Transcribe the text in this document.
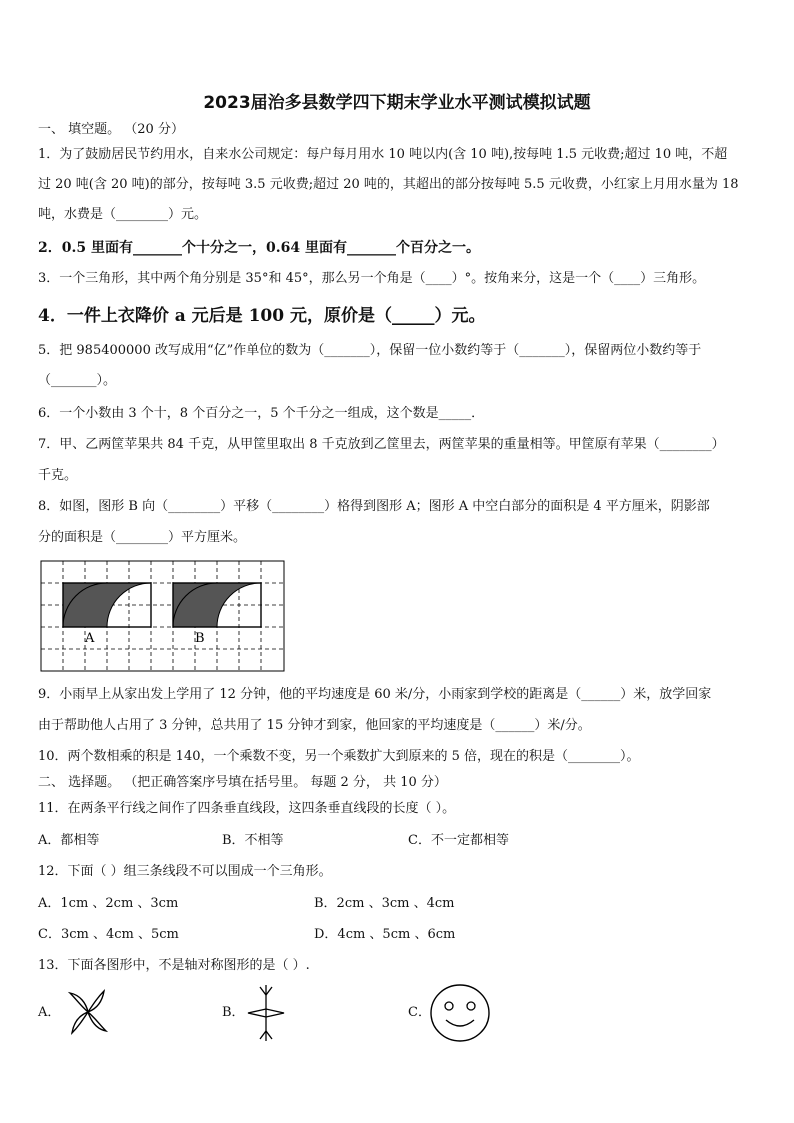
2023届治多县数学四下期末学业水平测试模拟试题
一、 填空题。 （20 分）
1．为了鼓励居民节约用水，自来水公司规定：每户每月用水 10 吨以内(含 10 吨),按每吨 1.5 元收费;超过 10 吨，不超
过 20 吨(含 20 吨)的部分，按每吨 3.5 元收费;超过 20 吨的，其超出的部分按每吨 5.5 元收费，小红家上月用水量为 18
吨，水费是（________）元。
2．0.5 里面有_______个十分之一，0.64 里面有_______个百分之一。
3．一个三角形，其中两个角分别是 35°和 45°，那么另一个角是（____）°。按角来分，这是一个（____）三角形。
4．一件上衣降价 a 元后是 100 元，原价是（_____）元。
5．把 985400000 改写成用“亿”作单位的数为（_______），保留一位小数约等于（_______），保留两位小数约等于
（_______）。
6．一个小数由 3 个十，8 个百分之一，5 个千分之一组成，这个数是_____．
7．甲、乙两筐苹果共 84 千克，从甲筐里取出 8 千克放到乙筐里去，两筐苹果的重量相等。甲筐原有苹果（________）
千克。
8．如图，图形 B 向（________）平移（________）格得到图形 A；图形 A 中空白部分的面积是 4 平方厘米，阴影部
分的面积是（________）平方厘米。
A	B
9．小雨早上从家出发上学用了 12 分钟，他的平均速度是 60 米/分，小雨家到学校的距离是（______）米，放学回家
由于帮助他人占用了 3 分钟，总共用了 15 分钟才到家，他回家的平均速度是（______）米/分。
10．两个数相乘的积是 140，一个乘数不变，另一个乘数扩大到原来的 5 倍，现在的积是（________）。
二、 选择题。 （把正确答案序号填在括号里。 每题 2 分， 共 10 分）
11．在两条平行线之间作了四条垂直线段，这四条垂直线段的长度（ ）。
A．都相等	B．不相等	C．不一定都相等
12．下面（ ）组三条线段不可以围成一个三角形。
A．1cm 、2cm 、3cm	B．2cm 、3cm 、4cm
C．3cm 、4cm 、5cm	D．4cm 、5cm 、6cm
13．下面各图形中，不是轴对称图形的是（ ）.
A．	B．	C．
